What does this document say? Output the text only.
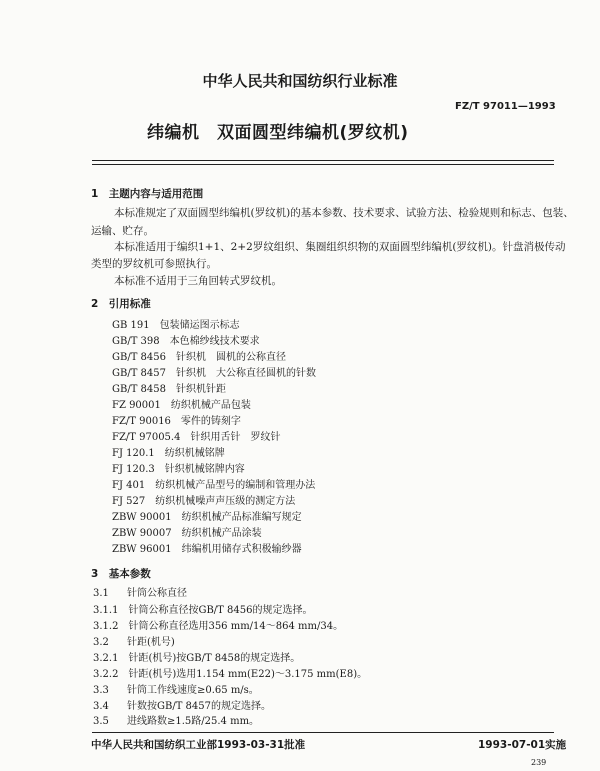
中华人民共和国纺织行业标准
FZ/T 97011—1993
纬编机　双面圆型纬编机(罗纹机)
1　主题内容与适用范围
本标准规定了双面圆型纬编机(罗纹机)的基本参数、技术要求、试验方法、检验规则和标志、包装、
运输、贮存。
本标准适用于编织1+1、2+2罗纹组织、集圈组织织物的双面圆型纬编机(罗纹机)。针盘消极传动
类型的罗纹机可参照执行。
本标准不适用于三角回转式罗纹机。
2　引用标准
GB 191　 包装储运图示标志
GB/T 398　 本色棉纱线技术要求
GB/T 8456　 针织机　圆机的公称直径
GB/T 8457　 针织机　大公称直径圆机的针数
GB/T 8458　 针织机针距
FZ 90001　 纺织机械产品包装
FZ/T 90016　 零件的铸刻字
FZ/T 97005.4　 针织用舌针　罗纹针
FJ 120.1　 纺织机械铭牌
FJ 120.3　 针织机械铭牌内容
FJ 401　 纺织机械产品型号的编制和管理办法
FJ 527　 纺织机械噪声声压级的测定方法
ZBW 90001　 纺织机械产品标准编写规定
ZBW 90007　 纺织机械产品涂装
ZBW 96001　 纬编机用储存式积极输纱器
3　基本参数
3.1　 针筒公称直径
3.1.1　 针筒公称直径按GB/T 8456的规定选择。
3.1.2　 针筒公称直径选用356 mm/14～864 mm/34。
3.2　 针距(机号)
3.2.1　 针距(机号)按GB/T 8458的规定选择。
3.2.2　 针距(机号)选用1.154 mm(E22)～3.175 mm(E8)。
3.3　 针筒工作线速度≥0.65 m/s。
3.4　 针数按GB/T 8457的规定选择。
3.5　 进线路数≥1.5路/25.4 mm。
中华人民共和国纺织工业部1993-03-31批准	1993-07-01实施
239
